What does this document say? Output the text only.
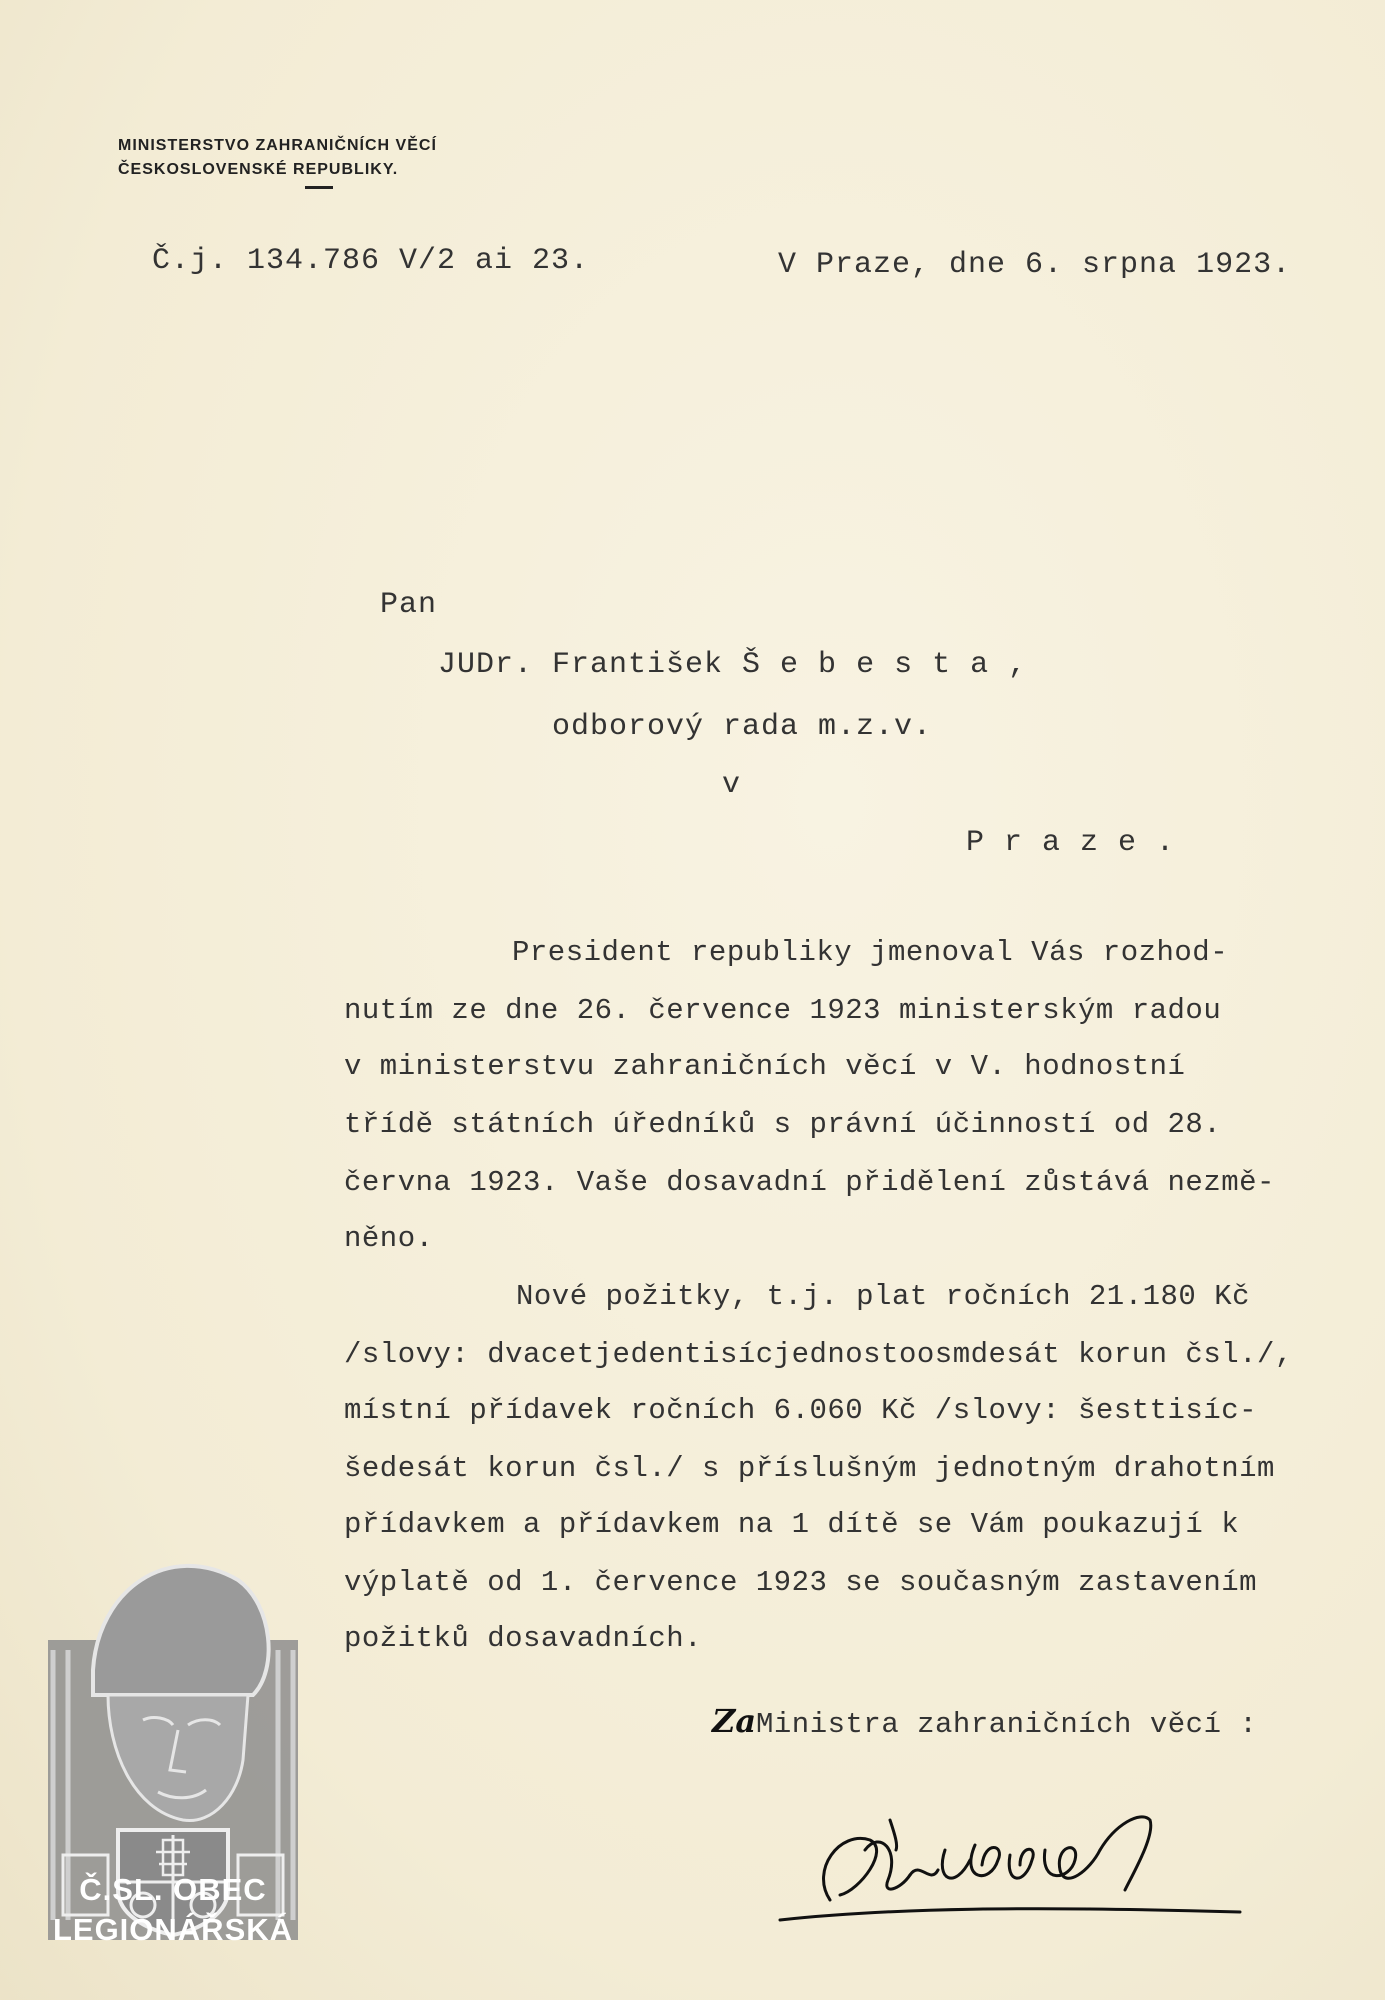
MINISTERSTVO ZAHRANIČNÍCH VĚCÍ
ČESKOSLOVENSKÉ REPUBLIKY.
Č.j. 134.786 V/2 ai 23.	V Praze, dne 6. srpna 1923.
Pan
JUDr. František Š e b e s t a ,
odborový rada m.z.v.
v
P r a z e .
President republiky jmenoval Vás rozhod-
nutím ze dne 26. července 1923 ministerským radou
v ministerstvu zahraničních věcí v V. hodnostní
třídě státních úředníků s právní účinností od 28.
června 1923. Vaše dosavadní přidělení zůstává nezmě-
něno.
Nové požitky, t.j. plat ročních 21.180 Kč
/slovy: dvacetjedentisícjednostoosmdesát korun čsl./,
místní přídavek ročních 6.060 Kč /slovy: šesttisíc-
šedesát korun čsl./ s příslušným jednotným drahotním
přídavkem a přídavkem na 1 dítě se Vám poukazují k
výplatě od 1. července 1923 se současným zastavením
požitků dosavadních.
Za Ministra zahraničních věcí :
Č.SL. OBEC
LEGIONÁŘSKÁ
